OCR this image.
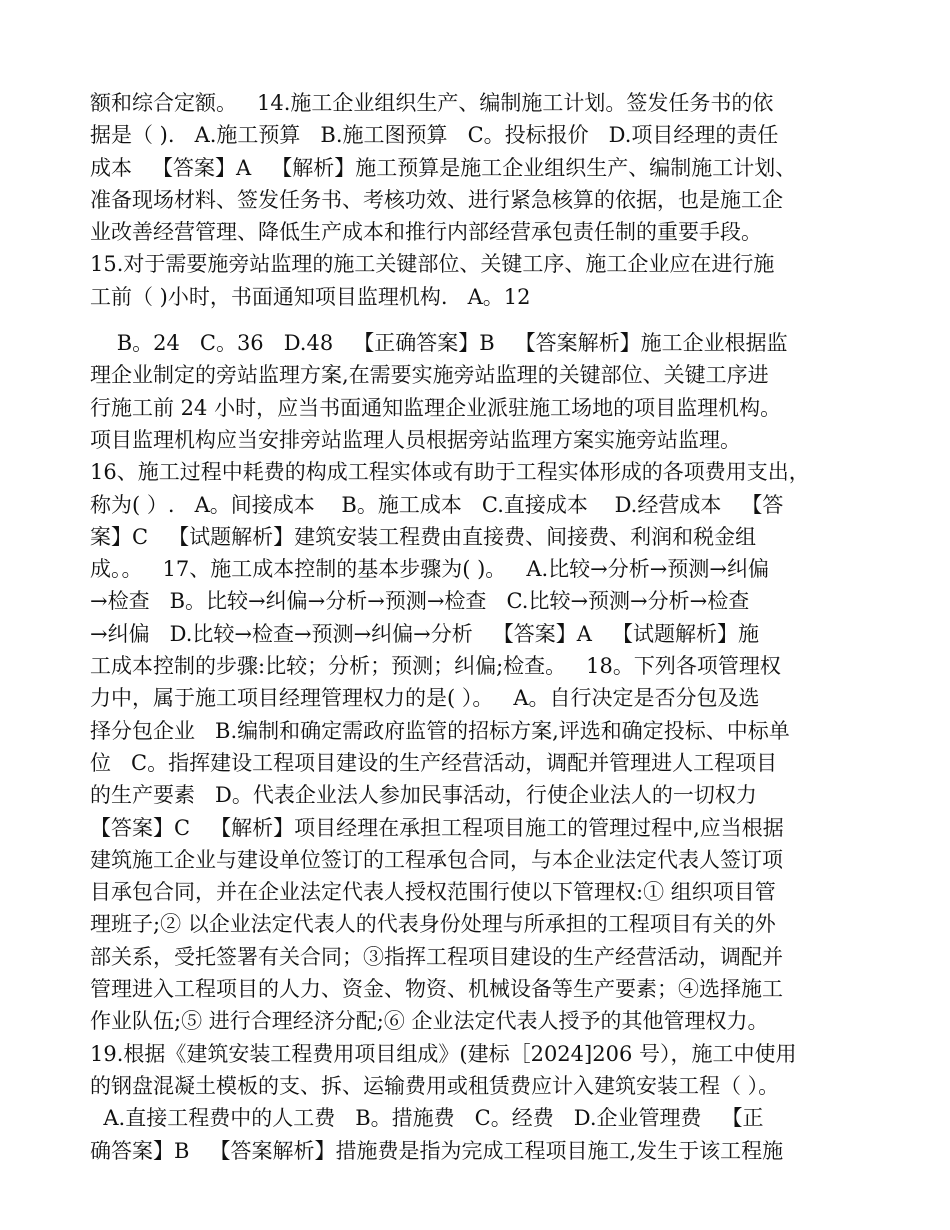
额和综合定额。   14.施工企业组织生产、编制施工计划。签发任务书的依
据是（ ).   A.施工预算   B.施工图预算   C。投标报价   D.项目经理的责任
成本   【答案】A   【解析】施工预算是施工企业组织生产、编制施工计划、
准备现场材料、签发任务书、考核功效、进行紧急核算的依据，也是施工企
业改善经营管理、降低生产成本和推行内部经营承包责任制的重要手段。
15.对于需要施旁站监理的施工关键部位、关键工序、施工企业应在进行施
工前（ )小时，书面通知项目监理机构.   A。12
B。24   C。36   D.48   【正确答案】B   【答案解析】施工企业根据监
理企业制定的旁站监理方案,在需要实施旁站监理的关键部位、关键工序进
行施工前 24 小时，应当书面通知监理企业派驻施工场地的项目监理机构。
项目监理机构应当安排旁站监理人员根据旁站监理方案实施旁站监理。
16、施工过程中耗费的构成工程实体或有助于工程实体形成的各项费用支出，
称为( ）.   A。间接成本    B。施工成本   C.直接成本    D.经营成本   【答
案】C   【试题解析】建筑安装工程费由直接费、间接费、利润和税金组
成。。   17、施工成本控制的基本步骤为( )。   A.比较→分析→预测→纠偏
→检查   B。比较→纠偏→分析→预测→检查   C.比较→预测→分析→检查
→纠偏   D.比较→检查→预测→纠偏→分析   【答案】A   【试题解析】施
工成本控制的步骤:比较；分析；预测；纠偏;检查。   18。下列各项管理权
力中，属于施工项目经理管理权力的是( ）。   A。自行决定是否分包及选
择分包企业   B.编制和确定需政府监管的招标方案,评选和确定投标、中标单
位   C。指挥建设工程项目建设的生产经营活动，调配并管理进人工程项目
的生产要素   D。代表企业法人参加民事活动，行使企业法人的一切权力
【答案】C   【解析】项目经理在承担工程项目施工的管理过程中,应当根据
建筑施工企业与建设单位签订的工程承包合同，与本企业法定代表人签订项
目承包合同，并在企业法定代表人授权范围行使以下管理权:① 组织项目管
理班子;② 以企业法定代表人的代表身份处理与所承担的工程项目有关的外
部关系，受托签署有关合同；③指挥工程项目建设的生产经营活动，调配并
管理进入工程项目的人力、资金、物资、机械设备等生产要素；④选择施工
作业队伍;⑤ 进行合理经济分配;⑥ 企业法定代表人授予的其他管理权力。
19.根据《建筑安装工程费用项目组成》(建标［2024]206 号），施工中使用
的钢盘混凝土模板的支、拆、运输费用或租赁费应计入建筑安装工程（ ）。
A.直接工程费中的人工费   B。措施费   C。经费   D.企业管理费   【正
确答案】B   【答案解析】措施费是指为完成工程项目施工,发生于该工程施
